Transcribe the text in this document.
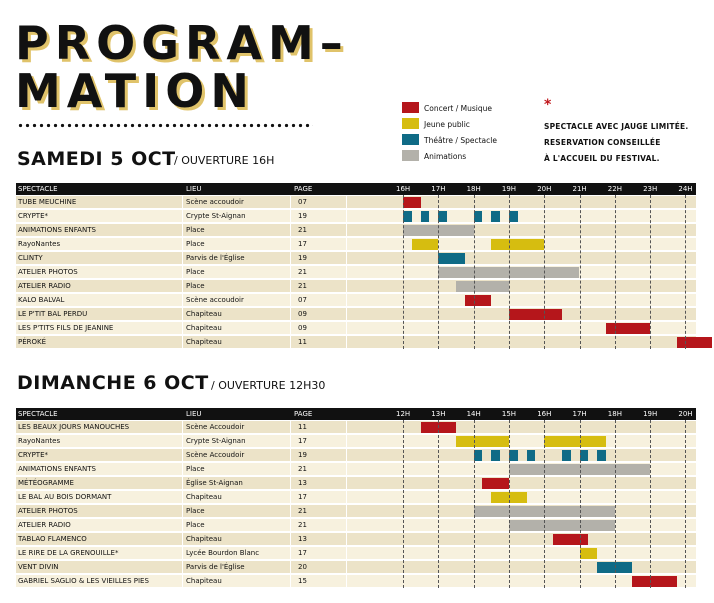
PROGRAM–
MATION	Concert / Musique
Jeune public
Théâtre / Spectacle
Animations
*
SPECTACLE AVEC JAUGE LIMITÉE.
RESERVATION CONSEILLÉE
À L'ACCUEIL DU FESTIVAL.
SAMEDI 5 OCT
/ OUVERTURE 16H
SPECTACLE	LIEU	PAGE	16H	17H	18H	19H	20H	21H	22H	23H	24H
TUBE MEUCHINE	Scène accoudoir	07
CRYPTE*	Crypte St-Aignan	19
ANIMATIONS ENFANTS	Place	21
RayoNantes	Place	17
CLINTY	Parvis de l'Église	19
ATELIER PHOTOS	Place	21
ATELIER RADIO	Place	21
KALO BALVAL	Scène accoudoir	07
LE P'TIT BAL PERDU	Chapiteau	09
LES P'TITS FILS DE JEANINE	Chapiteau	09
PÉROKÉ	Chapiteau	11
DIMANCHE 6 OCT / OUVERTURE 12H30
SPECTACLE	LIEU	PAGE	12H	13H	14H	15H	16H	17H	18H	19H	20H
LES BEAUX JOURS MANOUCHES	Scène Accoudoir	11
RayoNantes	Crypte St-Aignan	17
CRYPTE*	Scène Accoudoir	19
ANIMATIONS ENFANTS	Place	21
MÉTÉOGRAMME	Église St-Aignan	13
LE BAL AU BOIS DORMANT	Chapiteau	17
ATELIER PHOTOS	Place	21
ATELIER RADIO	Place	21
TABLAO FLAMENCO	Chapiteau	13
LE RIRE DE LA GRENOUILLE*	Lycée Bourdon Blanc	17
VENT DIVIN	Parvis de l'Église	20
GABRIEL SAGLIO & LES VIEILLES PIES	Chapiteau	15
